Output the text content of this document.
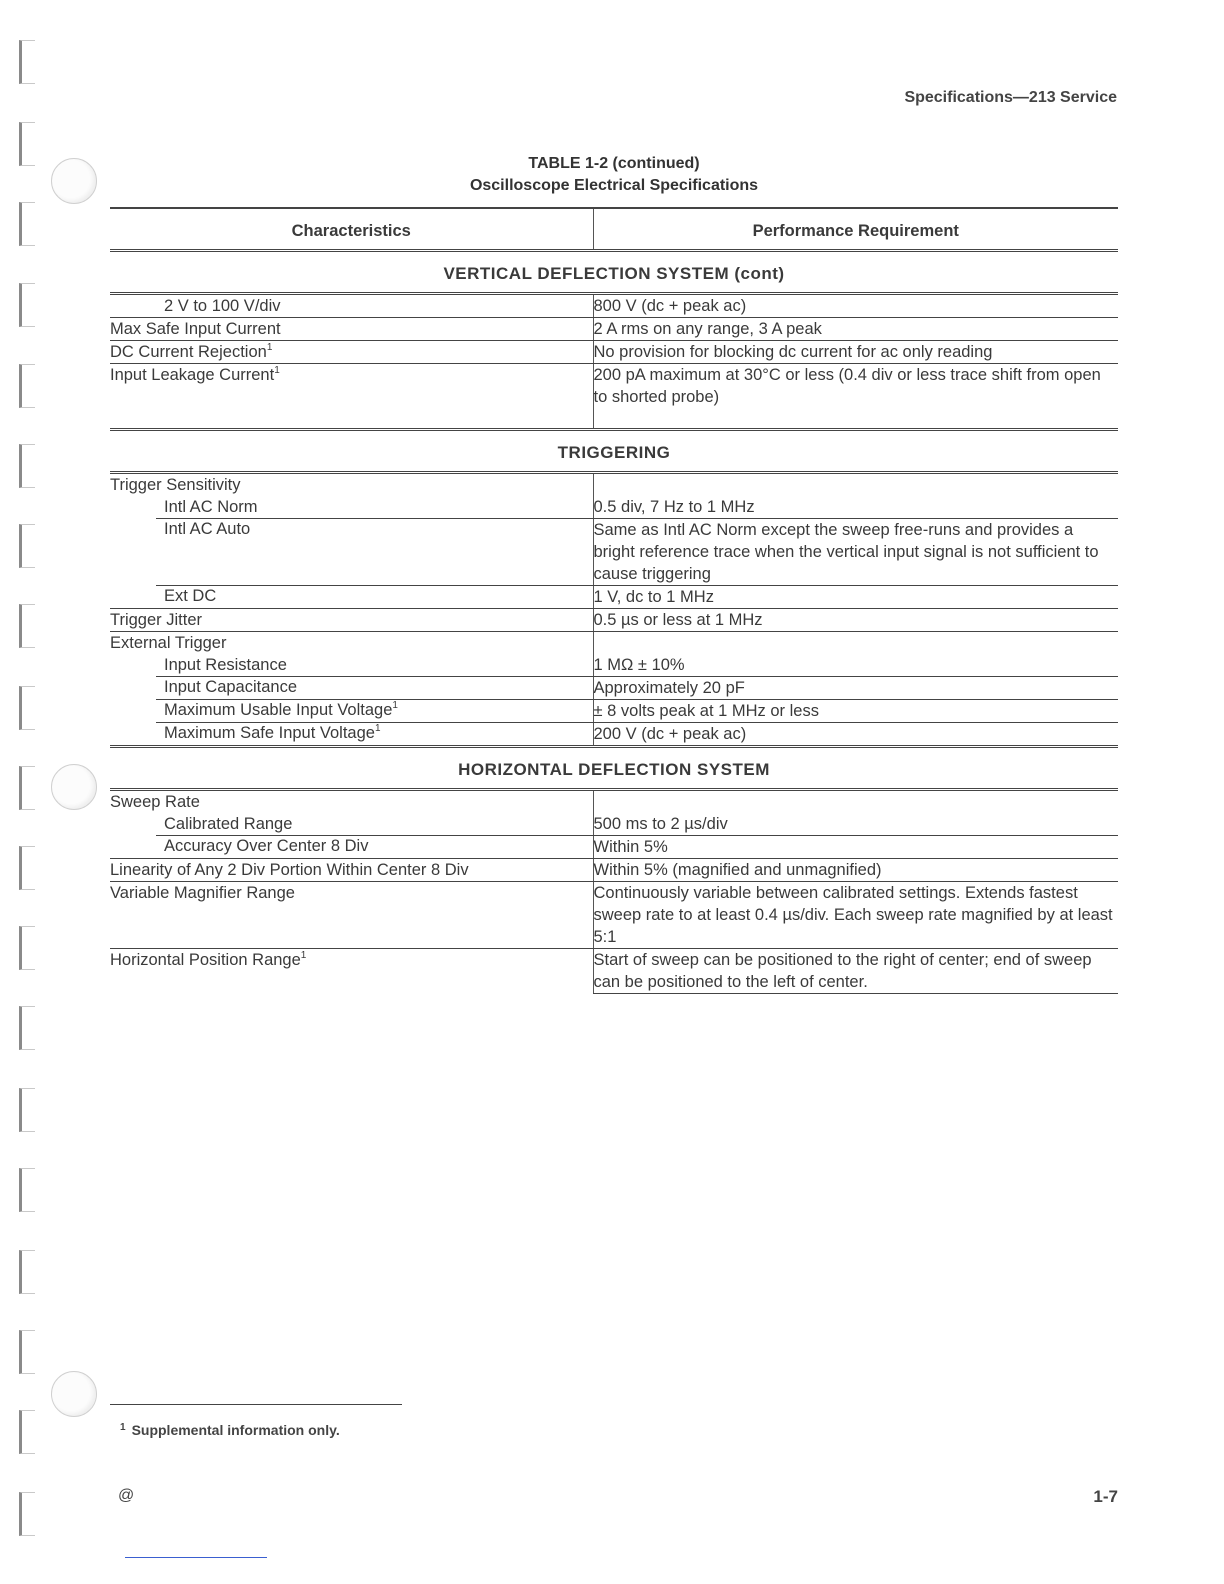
Specifications—213 Service
TABLE 1-2 (continued)
Oscilloscope Electrical Specifications
Characteristics	Performance Requirement
VERTICAL DEFLECTION SYSTEM (cont)	
2 V to 100 V/div	800 V (dc + peak ac)
Max Safe Input Current	2 A rms on any range, 3 A peak
DC Current Rejection$^1$	No provision for blocking dc current for ac only reading
Input Leakage Current$^1$	200 pA maximum at 30°C or less (0.4 div or less trace shift from open to shorted probe)
TRIGGERING	
Trigger Sensitivity	
Intl AC Norm	0.5 div, 7 Hz to 1 MHz
Intl AC Auto	Same as Intl AC Norm except the sweep free-runs and provides a bright reference trace when the vertical input signal is not sufficient to cause triggering
Ext DC	1 V, dc to 1 MHz
Trigger Jitter	0.5 µs or less at 1 MHz
External Trigger	
Input Resistance	1 MΩ ± 10%
Input Capacitance	Approximately 20 pF
Maximum Usable Input Voltage$^1$	± 8 volts peak at 1 MHz or less
Maximum Safe Input Voltage$^1$	200 V (dc + peak ac)
HORIZONTAL DEFLECTION SYSTEM	
Sweep Rate	
Calibrated Range	500 ms to 2 µs/div
Accuracy Over Center 8 Div	Within 5%
Linearity of Any 2 Div Portion Within Center 8 Div	Within 5% (magnified and unmagnified)
Variable Magnifier Range	Continuously variable between calibrated settings. Extends fastest sweep rate to at least 0.4 µs/div. Each sweep rate magnified by at least 5:1
Horizontal Position Range$^1$	Start of sweep can be positioned to the right of center; end of sweep can be positioned to the left of center.
$^1$ Supplemental information only.
@	1-7
